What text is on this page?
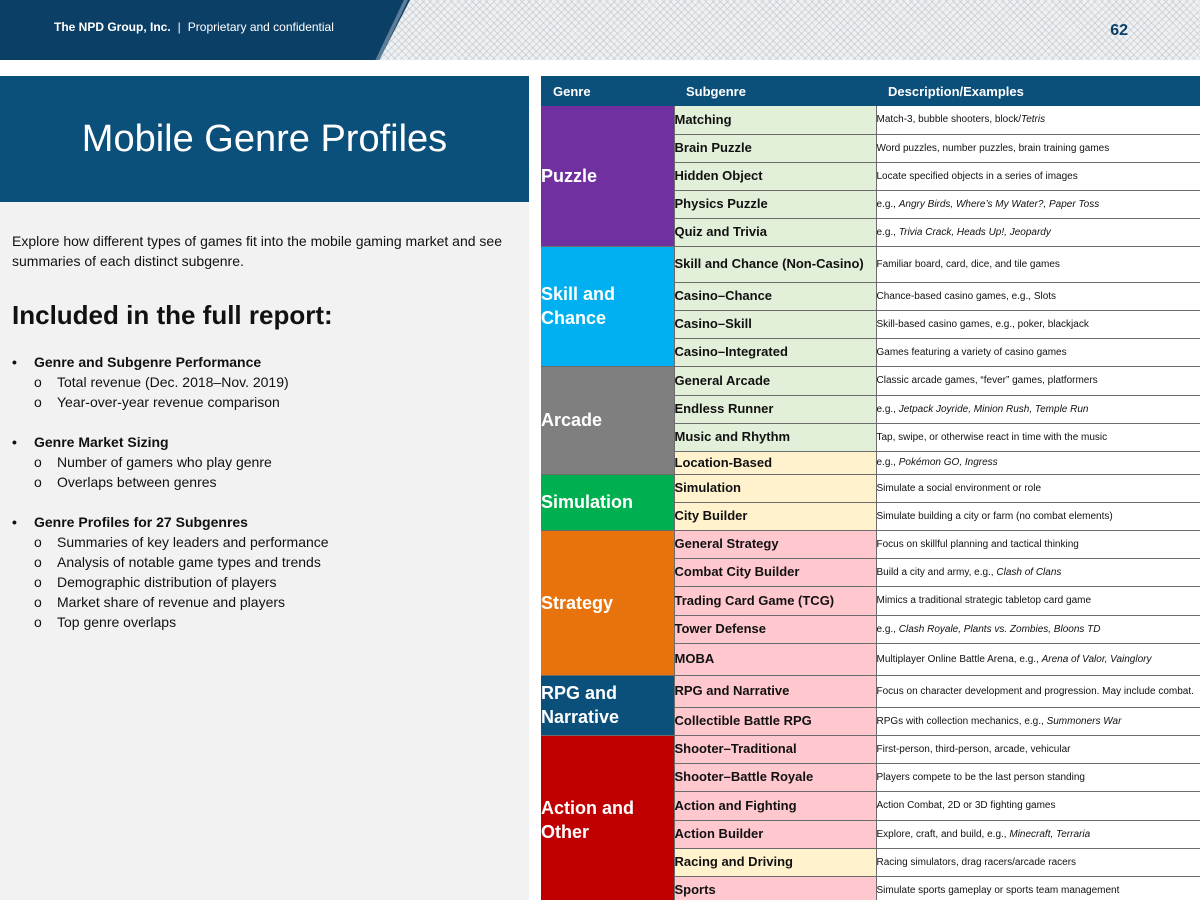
The NPD Group, Inc. | Proprietary and confidential	62
Mobile Genre Profiles

Explore how different types of games fit into the mobile gaming market and see summaries of each distinct subgenre.

Included in the full report:
• Genre and Subgenre Performance
o Total revenue (Dec. 2018–Nov. 2019)
o Year-over-year revenue comparison
• Genre Market Sizing
o Number of gamers who play genre
o Overlaps between genres
• Genre Profiles for 27 Subgenres
o Summaries of key leaders and performance
o Analysis of notable game types and trends
o Demographic distribution of players
o Market share of revenue and players
o Top genre overlaps
Genre	Subgenre	Description/Examples
Puzzle	Matching	Match-3, bubble shooters, block/Tetris
	Brain Puzzle	Word puzzles, number puzzles, brain training games
	Hidden Object	Locate specified objects in a series of images
	Physics Puzzle	e.g., Angry Birds, Where’s My Water?, Paper Toss
	Quiz and Trivia	e.g., Trivia Crack, Heads Up!, Jeopardy
Skill and Chance	Skill and Chance (Non-Casino)	Familiar board, card, dice, and tile games
	Casino–Chance	Chance-based casino games, e.g., Slots
	Casino–Skill	Skill-based casino games, e.g., poker, blackjack
	Casino–Integrated	Games featuring a variety of casino games
Arcade	General Arcade	Classic arcade games, “fever” games, platformers
	Endless Runner	e.g., Jetpack Joyride, Minion Rush, Temple Run
	Music and Rhythm	Tap, swipe, or otherwise react in time with the music
	Location-Based	e.g., Pokémon GO, Ingress
Simulation	Simulation	Simulate a social environment or role
	City Builder	Simulate building a city or farm (no combat elements)
Strategy	General Strategy	Focus on skillful planning and tactical thinking
	Combat City Builder	Build a city and army, e.g., Clash of Clans
	Trading Card Game (TCG)	Mimics a traditional strategic tabletop card game
	Tower Defense	e.g., Clash Royale, Plants vs. Zombies, Bloons TD
	MOBA	Multiplayer Online Battle Arena, e.g., Arena of Valor, Vainglory
RPG and Narrative	RPG and Narrative	Focus on character development and progression. May include combat.
	Collectible Battle RPG	RPGs with collection mechanics, e.g., Summoners War
Action and Other	Shooter–Traditional	First-person, third-person, arcade, vehicular
	Shooter–Battle Royale	Players compete to be the last person standing
	Action and Fighting	Action Combat, 2D or 3D fighting games
	Action Builder	Explore, craft, and build, e.g., Minecraft, Terraria
	Racing and Driving	Racing simulators, drag racers/arcade racers
	Sports	Simulate sports gameplay or sports team management
